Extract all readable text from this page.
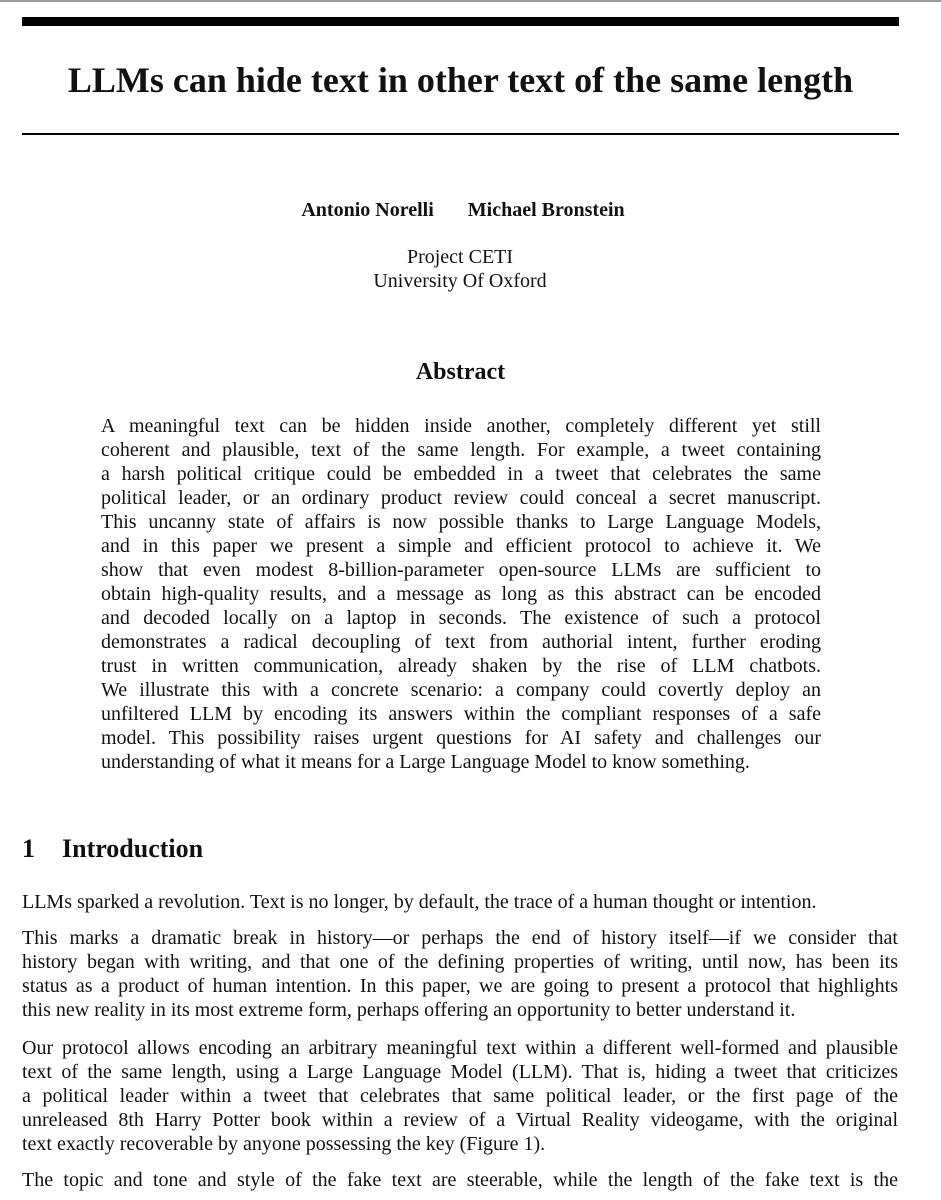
LLMs can hide text in other text of the same length
Antonio Norelli Michael Bronstein
Project CETI
University Of Oxford
Abstract
A meaningful text can be hidden inside another, completely different yet still
coherent and plausible, text of the same length. For example, a tweet containing
a harsh political critique could be embedded in a tweet that celebrates the same
political leader, or an ordinary product review could conceal a secret manuscript.
This uncanny state of affairs is now possible thanks to Large Language Models,
and in this paper we present a simple and efficient protocol to achieve it. We
show that even modest 8-billion-parameter open-source LLMs are sufficient to
obtain high-quality results, and a message as long as this abstract can be encoded
and decoded locally on a laptop in seconds. The existence of such a protocol
demonstrates a radical decoupling of text from authorial intent, further eroding
trust in written communication, already shaken by the rise of LLM chatbots.
We illustrate this with a concrete scenario: a company could covertly deploy an
unfiltered LLM by encoding its answers within the compliant responses of a safe
model. This possibility raises urgent questions for AI safety and challenges our
understanding of what it means for a Large Language Model to know something.
1 Introduction
LLMs sparked a revolution. Text is no longer, by default, the trace of a human thought or intention.
This marks a dramatic break in history—or perhaps the end of history itself—if we consider that
history began with writing, and that one of the defining properties of writing, until now, has been its
status as a product of human intention. In this paper, we are going to present a protocol that highlights
this new reality in its most extreme form, perhaps offering an opportunity to better understand it.
Our protocol allows encoding an arbitrary meaningful text within a different well-formed and plausible
text of the same length, using a Large Language Model (LLM). That is, hiding a tweet that criticizes
a political leader within a tweet that celebrates that same political leader, or the first page of the
unreleased 8th Harry Potter book within a review of a Virtual Reality videogame, with the original
text exactly recoverable by anyone possessing the key (Figure 1).
The topic and tone and style of the fake text are steerable, while the length of the fake text is the
